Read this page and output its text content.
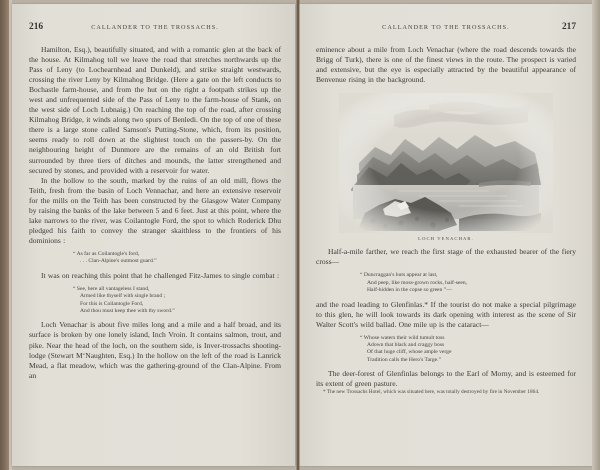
216	CALLANDER TO THE TROSSACHS.

Hamilton, Esq.), beautifully situated, and with a romantic glen at the back of the house. At Kilmahog toll we leave the road that stretches northwards up the Pass of Leny (to Lochearnhead and Dunkeld), and strike straight westwards, crossing the river Leny by Kilmahog Bridge. (Here a gate on the left conducts to Bochastle farm-house, and from the hut on the right a footpath strikes up the west and unfrequented side of the Pass of Leny to the farm-house of Stank, on the west side of Loch Lubnaig.) On reaching the top of the road, after crossing Kilmahog Bridge, it winds along two spurs of Benledi. On the top of one of these there is a large stone called Samson's Putting-Stone, which, from its position, seems ready to roll down at the slightest touch on the passers-by. On the neighbouring height of Dunmore are the remains of an old British fort surrounded by three tiers of ditches and mounds, the latter strengthened and secured by stones, and provided with a reservoir for water.

In the hollow to the south, marked by the ruins of an old mill, flows the Teith, fresh from the basin of Loch Vennachar, and here an extensive reservoir for the mills on the Teith has been constructed by the Glasgow Water Company by raising the banks of the lake between 5 and 6 feet. Just at this point, where the lake narrows to the river, was Coilantogle Ford, the spot to which Roderick Dhu pledged his faith to convey the stranger skaithless to the frontiers of his dominions :

“ As far as Coilantogle's ford,
. . . Clan-Alpine's outmost guard.”

It was on reaching this point that he challenged Fitz-James to single combat :

“ See, here all vantageless I stand,
Armed like thyself with single brand ;
For this is Coilantogle Ford,
And thou must keep thee with thy sword.”

Loch Venachar is about five miles long and a mile and a half broad, and its surface is broken by one lonely island, Inch Vroin. It contains salmon, trout, and pike. Near the head of the loch, on the southern side, is Inver-trossachs shooting-lodge (Stewart M‘Naughten, Esq.) In the hollow on the left of the road is Lanrick Mead, a flat meadow, which was the gathering-ground of the Clan-Alpine. From an

CALLANDER TO THE TROSSACHS.	217

eminence about a mile from Loch Venachar (where the road descends towards the Brigg of Turk), there is one of the finest views in the route. The prospect is varied and extensive, but the eye is especially attracted by the beautiful appearance of Benvenue rising in the background.

LOCH VENACHAR.

Half-a-mile farther, we reach the first stage of the exhausted bearer of the fiery cross—

“ Duncraggan's huts appear at last,
And peep, like moss-grown rocks, half-seen,
Half-hidden in the copse so green ”—

and the road leading to Glenfinlas.* If the tourist do not make a special pilgrimage to this glen, he will look towards its dark opening with interest as the scene of Sir Walter Scott's wild ballad. One mile up is the cataract—

“ Whose waters their wild tumult toss
Adown that black and craggy boss
Of that huge cliff, whose ample verge
Tradition calls the Hero's Targe.”

The deer-forest of Glenfinlas belongs to the Earl of Morny, and is esteemed for its extent of green pasture.

* The new Trossachs Hotel, which was situated here, was totally destroyed by fire in November 1864.
